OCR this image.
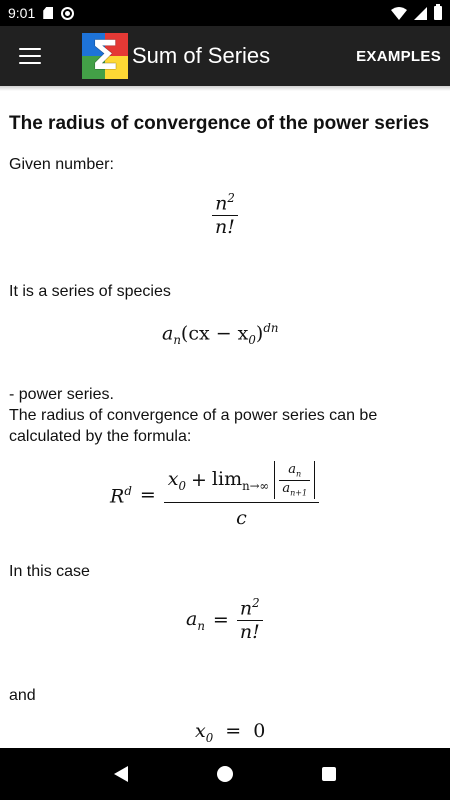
9:01
Σ Sum of Series	EXAMPLES
The radius of convergence of the power series
Given number:
$\frac{n^2}{n!}$
It is a series of species
$a_n(cx - x_0)^{dn}$
- power series.
The radius of convergence of a power series can be calculated by the formula:
$R^d$ =
$x_0 + \lim_{n\to\infty} \frac{a_n}{a_{n+1}}$
c
In this case
$a_n = \frac{n^2}{n!}$
and
$x_0 = 0$
